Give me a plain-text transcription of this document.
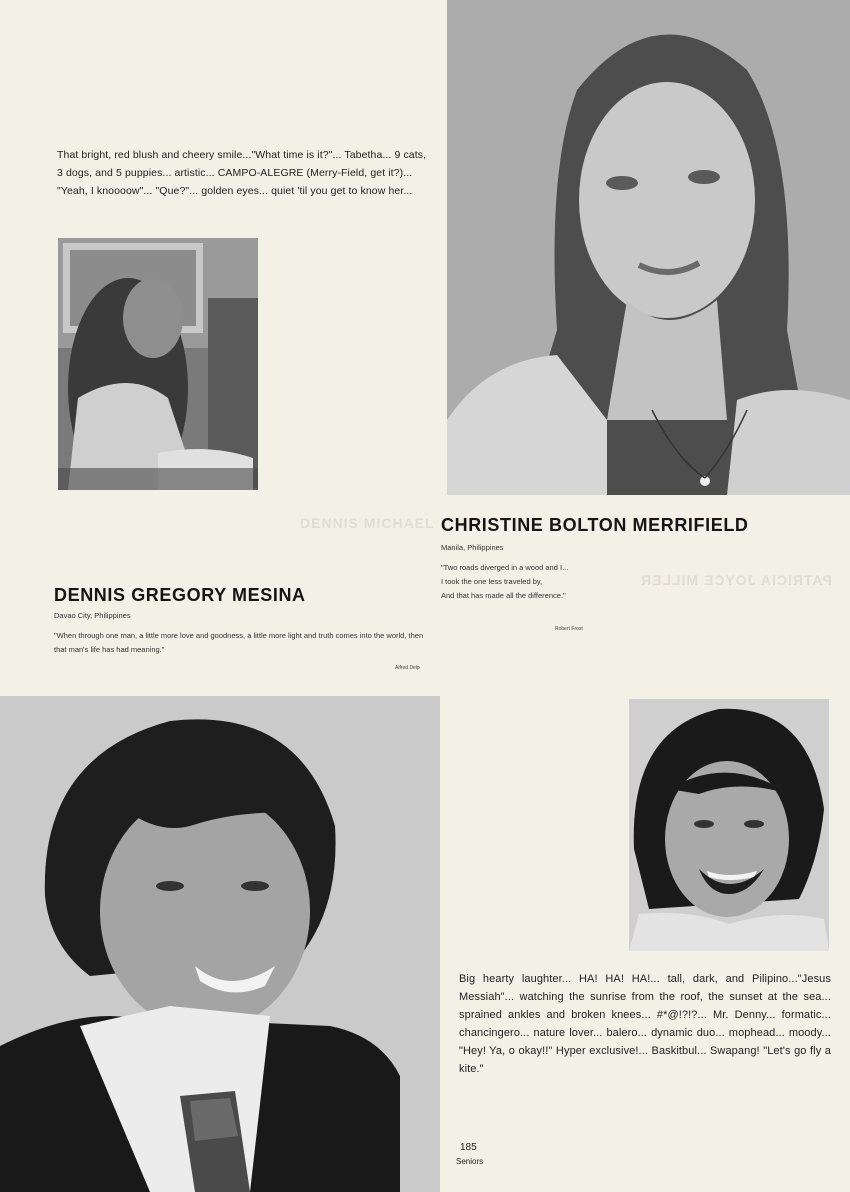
DENNIS MICHAEL
PATRICIA JOYCE MILLER
That bright, red blush and cheery smile..."What time is it?"... Tabetha... 9 cats, 3 dogs, and 5 puppies... artistic... CAMPO-ALEGRE (Merry-Field, get it?)... "Yeah, I knoooow"... "Que?"... golden eyes... quiet 'til you get to know her...
CHRISTINE BOLTON MERRIFIELD
Manila, Philippines
"Two roads diverged in a wood and I...
I took the one less traveled by,
And that has made all the difference."
Robert Frost
DENNIS GREGORY MESINA
Davao City, Philippines
"When through one man, a little more love and goodness, a little more light and truth comes into the world, then that man's life has had meaning."
Alfred Delp
Big hearty laughter... HA! HA! HA!... tall, dark, and Pilipino..."Jesus Messiah"... watching the sunrise from the roof, the sunset at the sea... sprained ankles and broken knees... #*@!?!?... Mr. Denny... formatic... chancingero... nature lover... balero... dynamic duo... mophead... moody... "Hey! Ya, o okay!!" Hyper exclusive!... Baskitbul... Swapang! "Let's go fly a kite."
185
Seniors
